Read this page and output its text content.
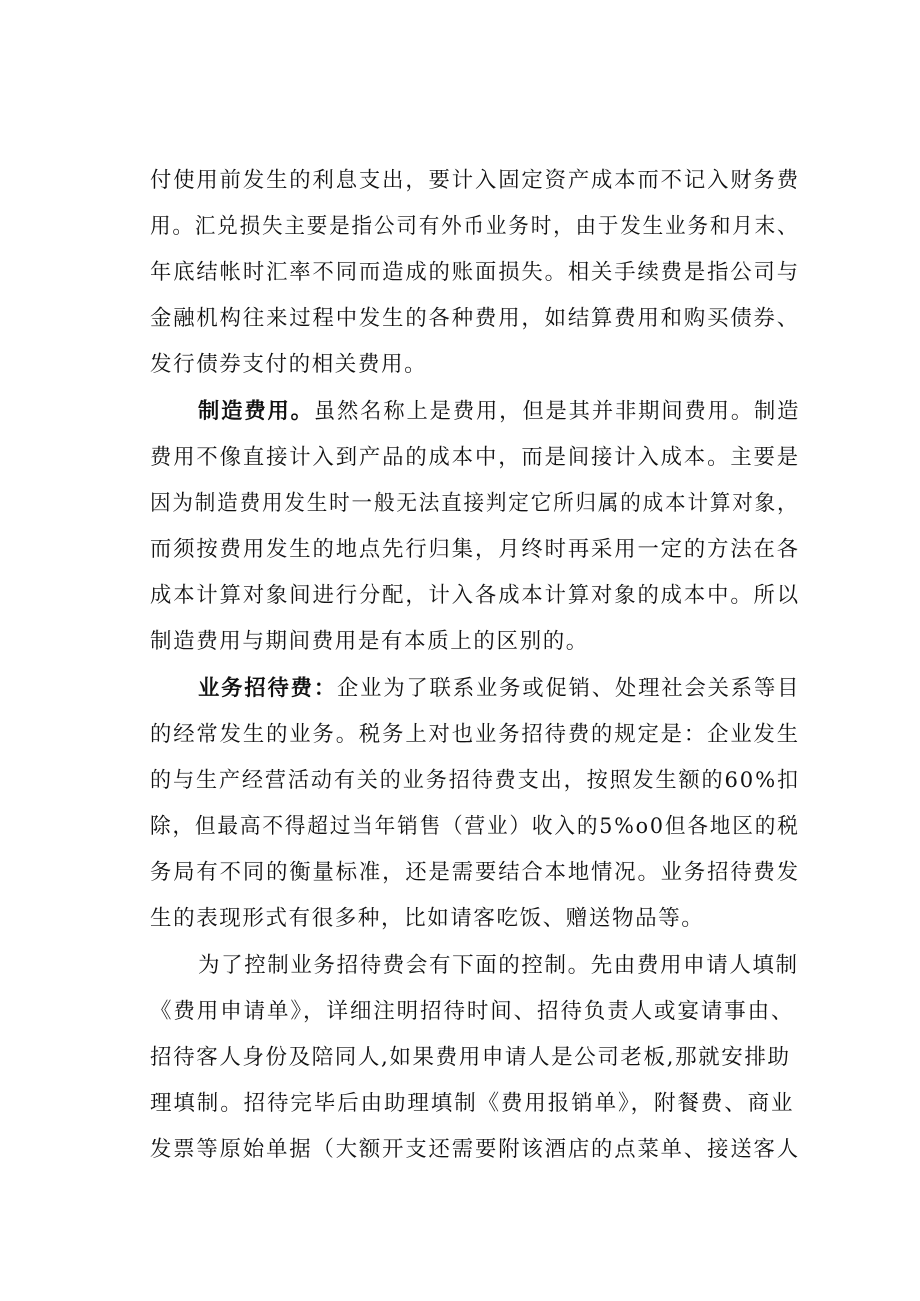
付使用前发生的利息支出，要计入固定资产成本而不记入财务费

用。汇兑损失主要是指公司有外币业务时，由于发生业务和月末、

年底结帐时汇率不同而造成的账面损失。相关手续费是指公司与

金融机构往来过程中发生的各种费用，如结算费用和购买债券、

发行债券支付的相关费用。

制造费用。虽然名称上是费用，但是其并非期间费用。制造

费用不像直接计入到产品的成本中，而是间接计入成本。主要是

因为制造费用发生时一般无法直接判定它所归属的成本计算对象，

而须按费用发生的地点先行归集，月终时再采用一定的方法在各

成本计算对象间进行分配，计入各成本计算对象的成本中。所以

制造费用与期间费用是有本质上的区别的。

业务招待费：企业为了联系业务或促销、处理社会关系等目

的经常发生的业务。税务上对也业务招待费的规定是：企业发生

的与生产经营活动有关的业务招待费支出，按照发生额的60%扣

除，但最高不得超过当年销售（营业）收入的5%o0但各地区的税

务局有不同的衡量标准，还是需要结合本地情况。业务招待费发

生的表现形式有很多种，比如请客吃饭、赠送物品等。

为了控制业务招待费会有下面的控制。先由费用申请人填制

《费用申请单》，详细注明招待时间、招待负责人或宴请事由、

招待客人身份及陪同人,如果费用申请人是公司老板,那就安排助

理填制。招待完毕后由助理填制《费用报销单》，附餐费、商业

发票等原始单据（大额开支还需要附该酒店的点菜单、接送客人
